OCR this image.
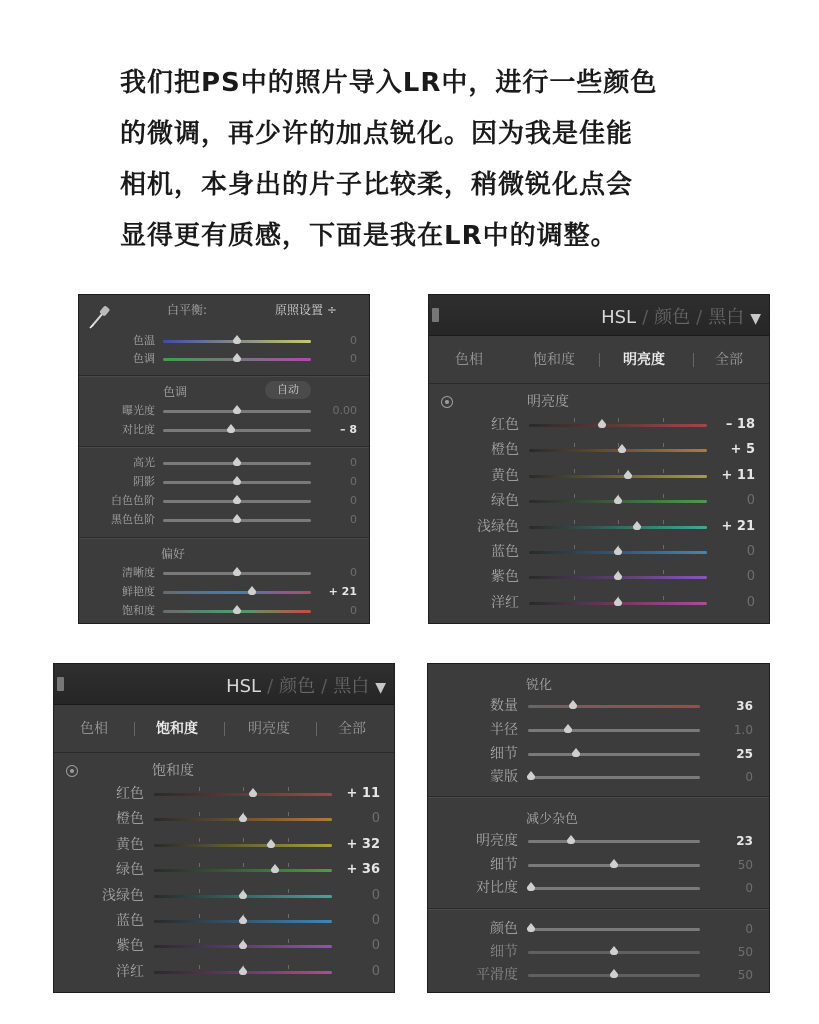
我们把PS中的照片导入LR中，进行一些颜色
的微调，再少许的加点锐化。因为我是佳能
相机，本身出的片子比较柔，稍微锐化点会
显得更有质感，下面是我在LR中的调整。
白平衡:	原照设置 ÷
色温	0
色调	0
色调	自动
曝光度	0.00
对比度	– 8
高光	0
阴影	0
白色色阶	0
黑色色阶	0
偏好
清晰度	0
鲜艳度	+ 21
饱和度	0
HSL / 颜色 / 黑白 ▼
色相	饱和度	明亮度	全部
明亮度
红色	– 18
橙色	+ 5
黄色	+ 11
绿色	0
浅绿色	+ 21
蓝色	0
紫色	0
洋红	0
HSL / 颜色 / 黑白 ▼
色相	饱和度	明亮度	全部
饱和度
红色	+ 11
橙色	0
黄色	+ 32
绿色	+ 36
浅绿色	0
蓝色	0
紫色	0
洋红	0
锐化
数量	36
半径	1.0
细节	25
蒙版	0
明亮度	23
细节	50
对比度	0
颜色	0
细节	50
平滑度	50
减少杂色
